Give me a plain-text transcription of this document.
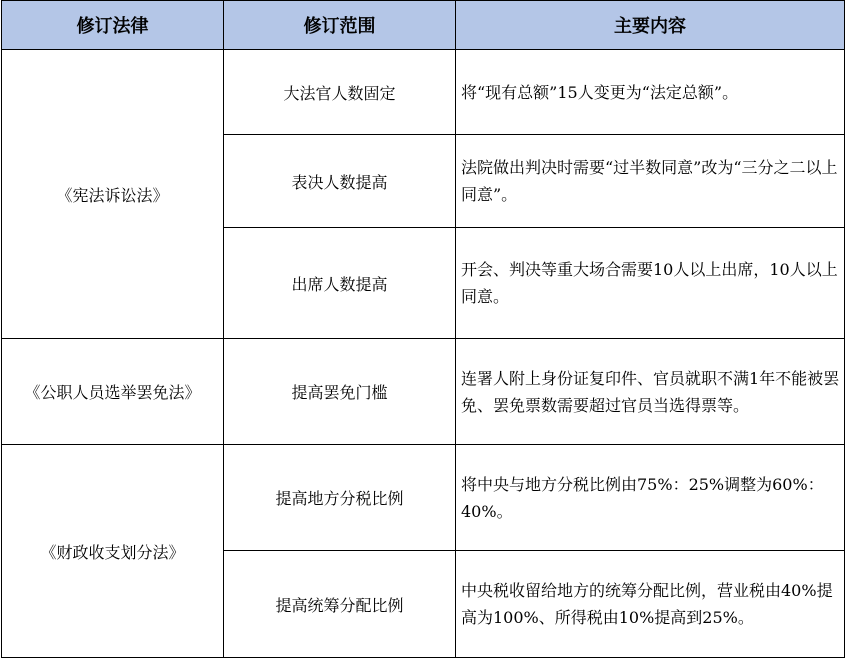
修订法律	修订范围	主要内容
《宪法诉讼法》	大法官人数固定	将“现有总额”15人变更为“法定总额”。
	表决人数提高	法院做出判决时需要“过半数同意”改为“三分之二以上同意”。
	出席人数提高	开会、判决等重大场合需要10人以上出席，10人以上同意。
《公职人员选举罢免法》	提高罢免门槛	连署人附上身份证复印件、官员就职不满1年不能被罢免、罢免票数需要超过官员当选得票等。
《财政收支划分法》	提高地方分税比例	将中央与地方分税比例由75%：25%调整为60%：40%。
	提高统筹分配比例	中央税收留给地方的统筹分配比例，营业税由40%提高为100%、所得税由10%提高到25%。
